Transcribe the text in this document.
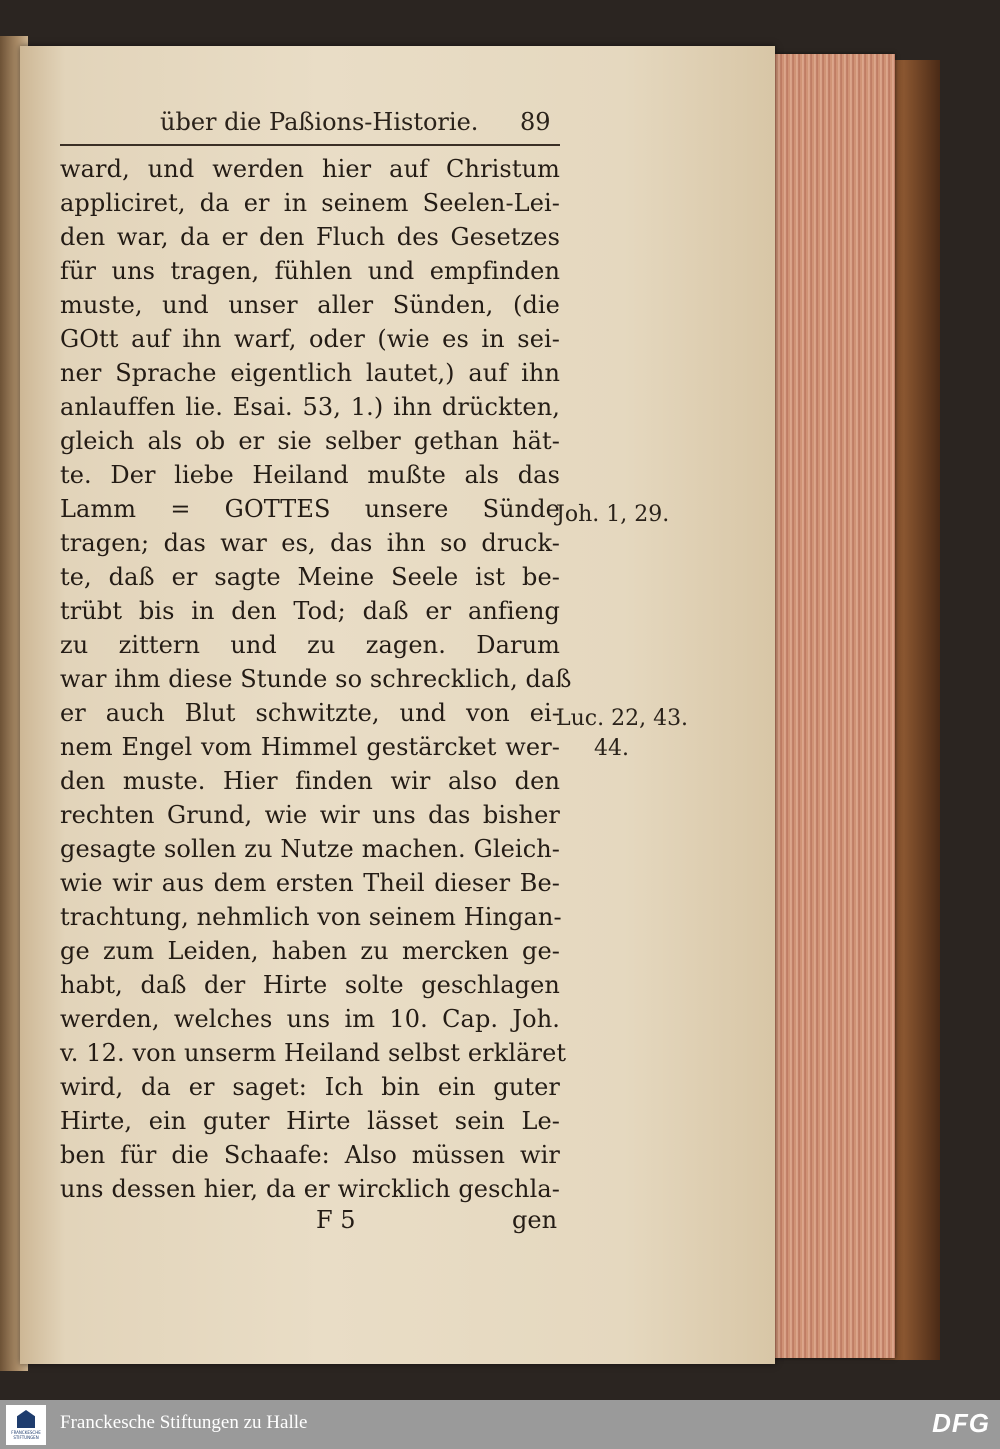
über die Paßions-Historie. 89
ward, und werden hier auf Christum
appliciret, da er in seinem Seelen-Lei-
den war, da er den Fluch des Gesetzes
für uns tragen, fühlen und empfinden
muste, und unser aller Sünden, (die
GOtt auf ihn warf, oder (wie es in sei-
ner Sprache eigentlich lautet,) auf ihn
anlauffen lie. Esai. 53, 1.) ihn drückten,
gleich als ob er sie selber gethan hät-
te. Der liebe Heiland mußte als das
Lamm = GOTTES unsere Sünde
tragen; das war es, das ihn so druck-
te, daß er sagte Meine Seele ist be-
trübt bis in den Tod; daß er anfieng
zu zittern und zu zagen. Darum
war ihm diese Stunde so schrecklich, daß
er auch Blut schwitzte, und von ei-
nem Engel vom Himmel gestärcket wer-
den muste. Hier finden wir also den
rechten Grund, wie wir uns das bisher
gesagte sollen zu Nutze machen. Gleich-
wie wir aus dem ersten Theil dieser Be-
trachtung, nehmlich von seinem Hingan-
ge zum Leiden, haben zu mercken ge-
habt, daß der Hirte solte geschlagen
werden, welches uns im 10. Cap. Joh.
v. 12. von unserm Heiland selbst erkläret
wird, da er saget: Ich bin ein guter
Hirte, ein guter Hirte lässet sein Le-
ben für die Schaafe: Also müssen wir
uns dessen hier, da er wircklich geschla-
Joh. 1, 29.
Luc. 22, 43.
44.
F 5	gen
FRANCKESCHE STIFTUNGEN
Franckesche Stiftungen zu Halle	DFG
